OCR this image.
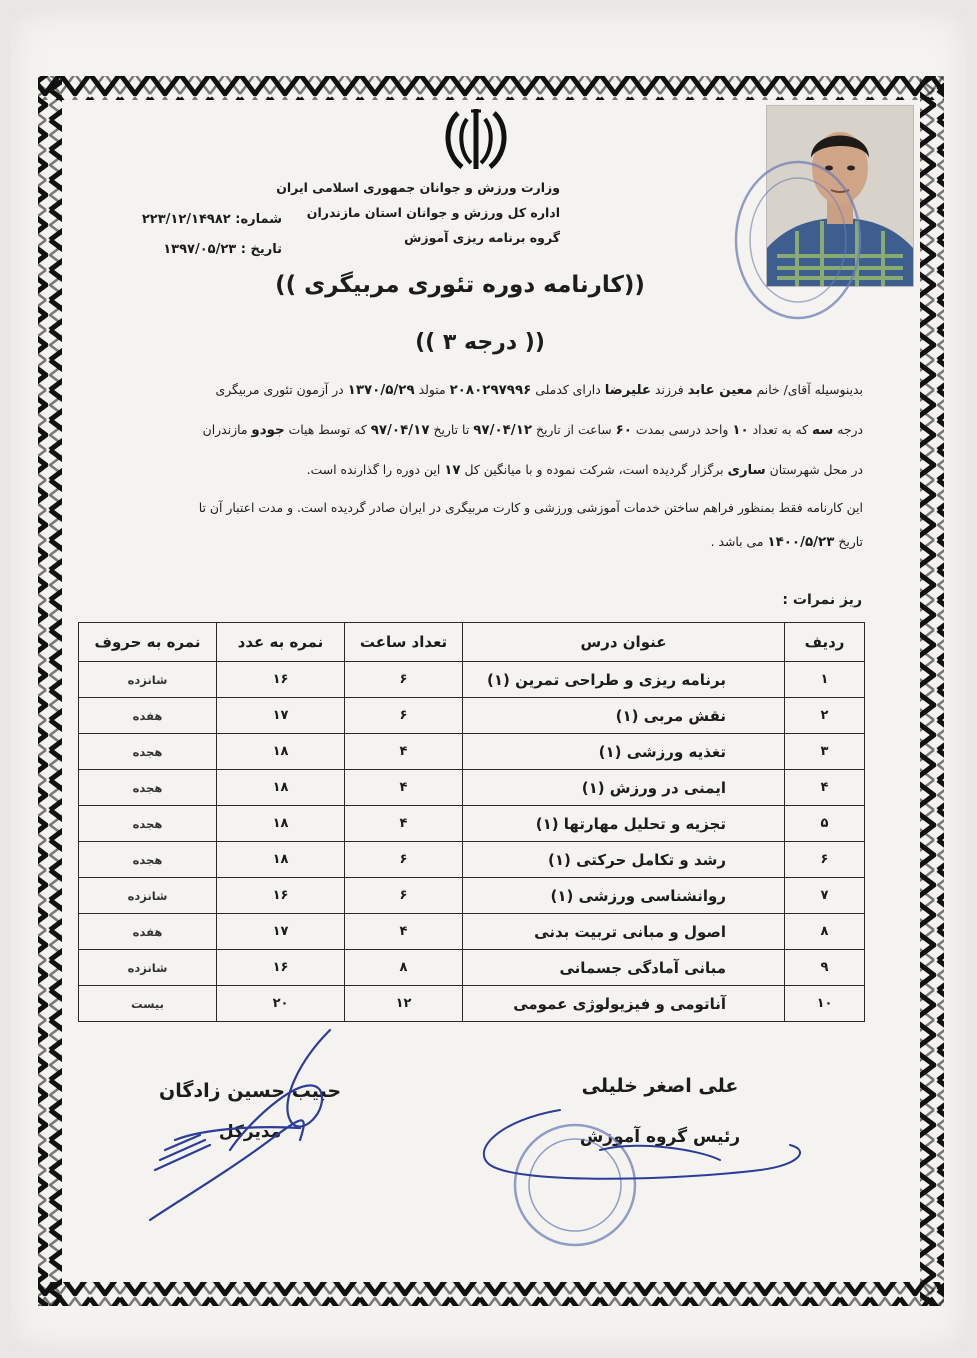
وزارت ورزش و جوانان جمهوری اسلامی ایران
اداره کل ورزش و جوانان استان مازندران
گروه برنامه ریزی آموزش
شماره: ۲۲۳/۱۲/۱۴۹۸۲
تاریخ : ۱۳۹۷/۰۵/۲۳
((کارنامه دوره تئوری مربیگری ))
(( درجه ۳ ))

بدینوسیله آقای/ خانم معین عابد فرزند علیرضا دارای کدملی ۲۰۸۰۲۹۷۹۹۶ متولد ۱۳۷۰/۵/۲۹ در آزمون تئوری مربیگری

درجه سه که به تعداد ۱۰ واحد درسی بمدت ۶۰ ساعت از تاریخ ۹۷/۰۴/۱۲ تا تاریخ ۹۷/۰۴/۱۷ که توسط هیات جودو مازندران

در محل شهرستان ساری برگزار گردیده است، شرکت نموده و با میانگین کل ۱۷ این دوره را گذارنده است.

این کارنامه فقط بمنظور فراهم ساختن خدمات آموزشی ورزشی و کارت مربیگری در ایران صادر گردیده است. و مدت اعتبار آن تا

تاریخ ۱۴۰۰/۵/۲۳ می باشد .

ریز نمرات :
ردیف	عنوان درس	تعداد ساعت	نمره به عدد	نمره به حروف
۱	برنامه ریزی و طراحی تمرین (۱)	۶	۱۶	شانزده
۲	نقش مربی (۱)	۶	۱۷	هفده
۳	تغذیه ورزشی (۱)	۴	۱۸	هجده
۴	ایمنی در ورزش (۱)	۴	۱۸	هجده
۵	تجزیه و تحلیل مهارتها (۱)	۴	۱۸	هجده
۶	رشد و تکامل حرکتی (۱)	۶	۱۸	هجده
۷	روانشناسی ورزشی (۱)	۶	۱۶	شانزده
۸	اصول و مبانی تربیت بدنی	۴	۱۷	هفده
۹	مبانی آمادگی جسمانی	۸	۱۶	شانزده
۱۰	آناتومی و فیزیولوژی عمومی	۱۲	۲۰	بیست
حبیب حسین زادگان
مدیرکل
علی اصغر خلیلی
رئیس گروه آموزش
